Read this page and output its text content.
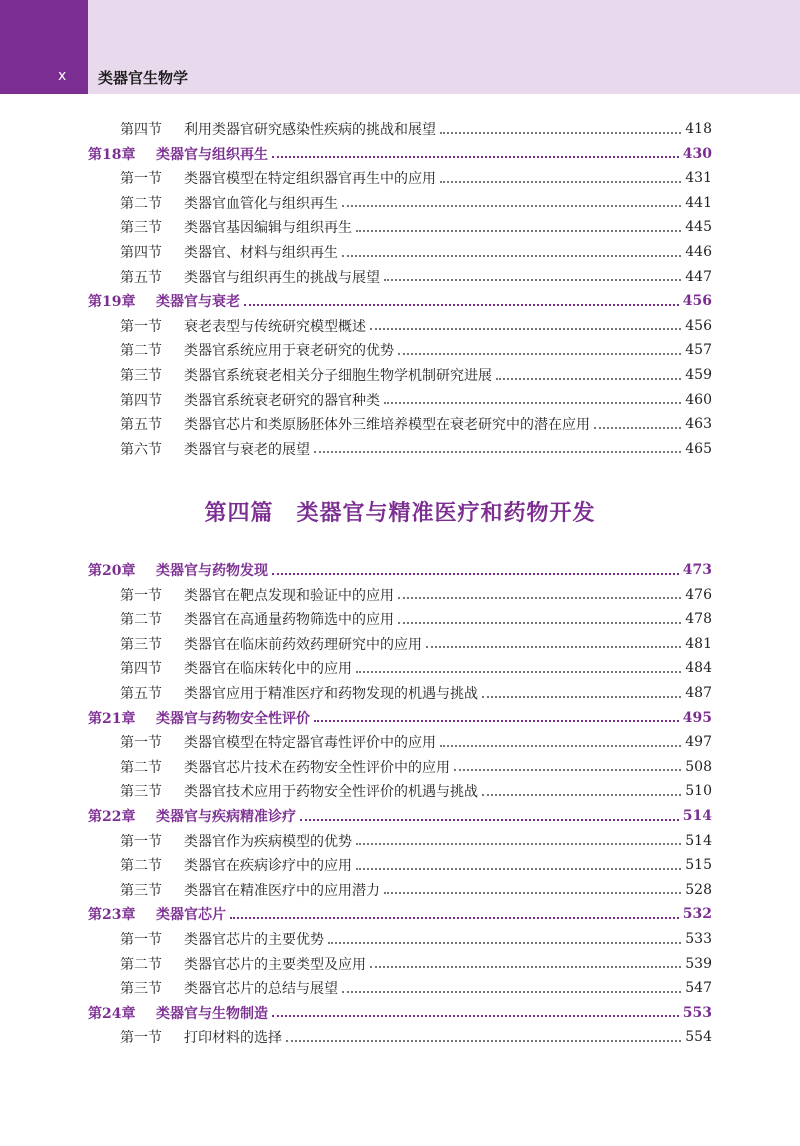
x 类器官生物学
第四篇　类器官与精准医疗和药物开发
第四节	利用类器官研究感染性疾病的挑战和展望	418
第18章	类器官与组织再生	430
第一节	类器官模型在特定组织器官再生中的应用	431
第二节	类器官血管化与组织再生	441
第三节	类器官基因编辑与组织再生	445
第四节	类器官、材料与组织再生	446
第五节	类器官与组织再生的挑战与展望	447
第19章	类器官与衰老	456
第一节	衰老表型与传统研究模型概述	456
第二节	类器官系统应用于衰老研究的优势	457
第三节	类器官系统衰老相关分子细胞生物学机制研究进展	459
第四节	类器官系统衰老研究的器官种类	460
第五节	类器官芯片和类原肠胚体外三维培养模型在衰老研究中的潜在应用	463
第六节	类器官与衰老的展望	465
第20章	类器官与药物发现	473
第一节	类器官在靶点发现和验证中的应用	476
第二节	类器官在高通量药物筛选中的应用	478
第三节	类器官在临床前药效药理研究中的应用	481
第四节	类器官在临床转化中的应用	484
第五节	类器官应用于精准医疗和药物发现的机遇与挑战	487
第21章	类器官与药物安全性评价	495
第一节	类器官模型在特定器官毒性评价中的应用	497
第二节	类器官芯片技术在药物安全性评价中的应用	508
第三节	类器官技术应用于药物安全性评价的机遇与挑战	510
第22章	类器官与疾病精准诊疗	514
第一节	类器官作为疾病模型的优势	514
第二节	类器官在疾病诊疗中的应用	515
第三节	类器官在精准医疗中的应用潜力	528
第23章	类器官芯片	532
第一节	类器官芯片的主要优势	533
第二节	类器官芯片的主要类型及应用	539
第三节	类器官芯片的总结与展望	547
第24章	类器官与生物制造	553
第一节	打印材料的选择	554
